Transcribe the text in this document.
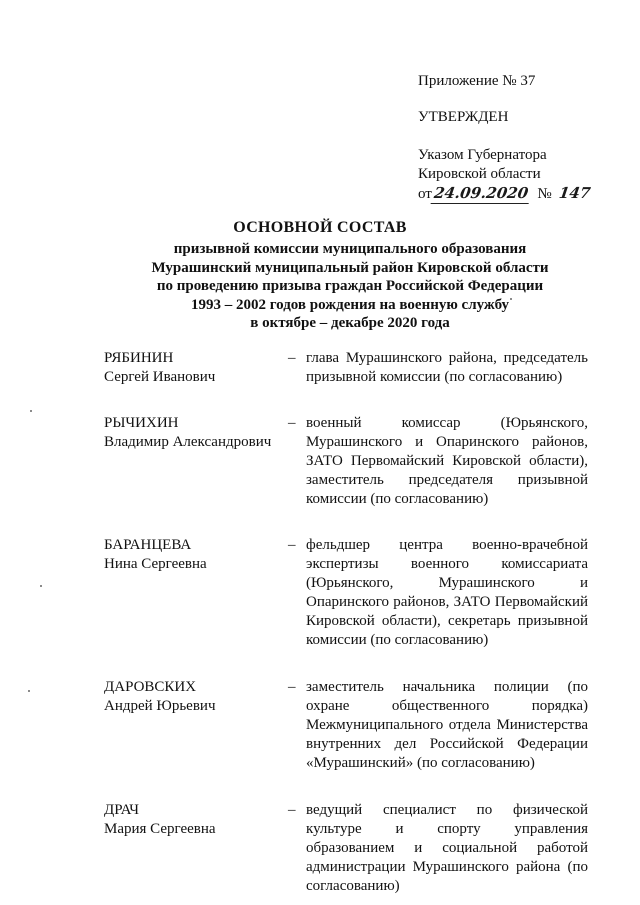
Приложение № 37
УТВЕРЖДЕН
Указом Губернатора
Кировской области
от24.09.2020 № 147
ОСНОВНОЙ СОСТАВ
призывной комиссии муниципального образования
Мурашинский муниципальный район Кировской области
по проведению призыва граждан Российской Федерации
1993 – 2002 годов рождения на военную службу
в октябре – декабре 2020 года
РЯБИНИН
Сергей Иванович
– глава Мурашинского района, председатель призывной комиссии (по согласованию)
РЫЧИХИН
Владимир Александрович
– военный комиссар (Юрьянского, Мурашинского и Опаринского районов, ЗАТО Первомайский Кировской области), заместитель председателя призывной комиссии (по согласованию)
БАРАНЦЕВА
Нина Сергеевна
– фельдшер центра военно-врачебной экспертизы военного комиссариата (Юрьянского, Мурашинского и Опаринского районов, ЗАТО Первомайский Кировской области), секретарь призывной комиссии (по согласованию)
ДАРОВСКИХ
Андрей Юрьевич
– заместитель начальника полиции (по охране общественного порядка) Межмуниципального отдела Министерства внутренних дел Российской Федерации «Мурашинский» (по согласованию)
ДРАЧ
Мария Сергеевна
– ведущий специалист по физической культуре и спорту управления образованием и социальной работой администрации Мурашинского района (по согласованию)
